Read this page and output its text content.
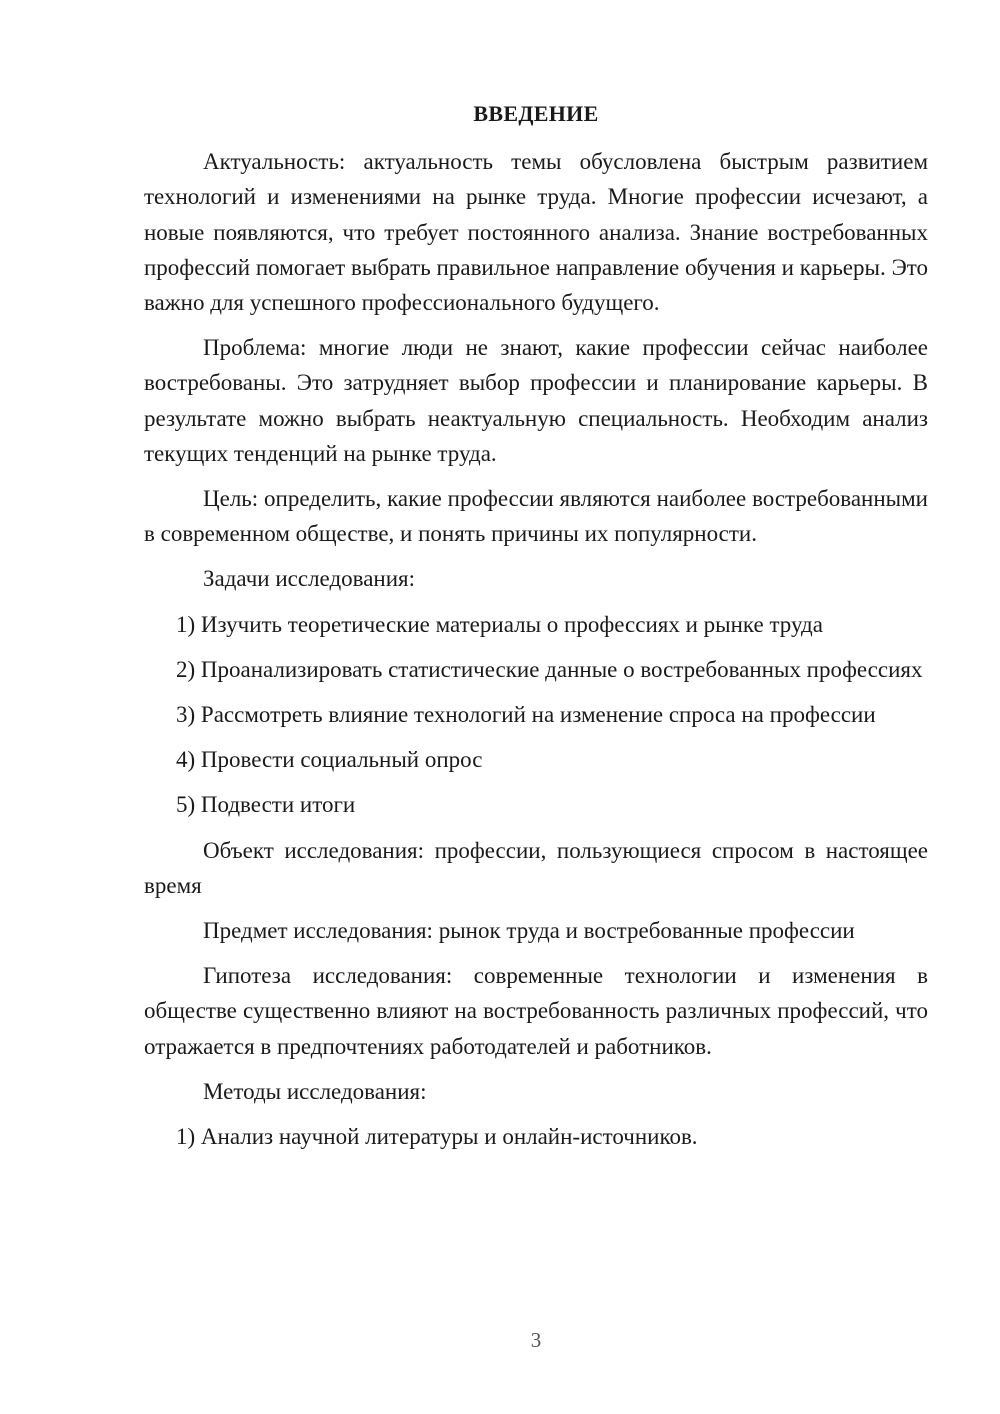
ВВЕДЕНИЕ

Актуальность: актуальность темы обусловлена быстрым развитием технологий и изменениями на рынке труда. Многие профессии исчезают, а новые появляются, что требует постоянного анализа. Знание востребованных профессий помогает выбрать правильное направление обучения и карьеры. Это важно для успешного профессионального будущего.

Проблема: многие люди не знают, какие профессии сейчас наиболее востребованы. Это затрудняет выбор профессии и планирование карьеры. В результате можно выбрать неактуальную специальность. Необходим анализ текущих тенденций на рынке труда.

Цель: определить, какие профессии являются наиболее востребованными в современном обществе, и понять причины их популярности.

Задачи исследования:

1) Изучить теоретические материалы о профессиях и рынке труда

2) Проанализировать статистические данные о востребованных профессиях

3) Рассмотреть влияние технологий на изменение спроса на профессии

4) Провести социальный опрос

5) Подвести итоги

Объект исследования: профессии, пользующиеся спросом в настоящее время

Предмет исследования: рынок труда и востребованные профессии

Гипотеза исследования: современные технологии и изменения в обществе существенно влияют на востребованность различных профессий, что отражается в предпочтениях работодателей и работников.

Методы исследования:

1) Анализ научной литературы и онлайн-источников.

3
